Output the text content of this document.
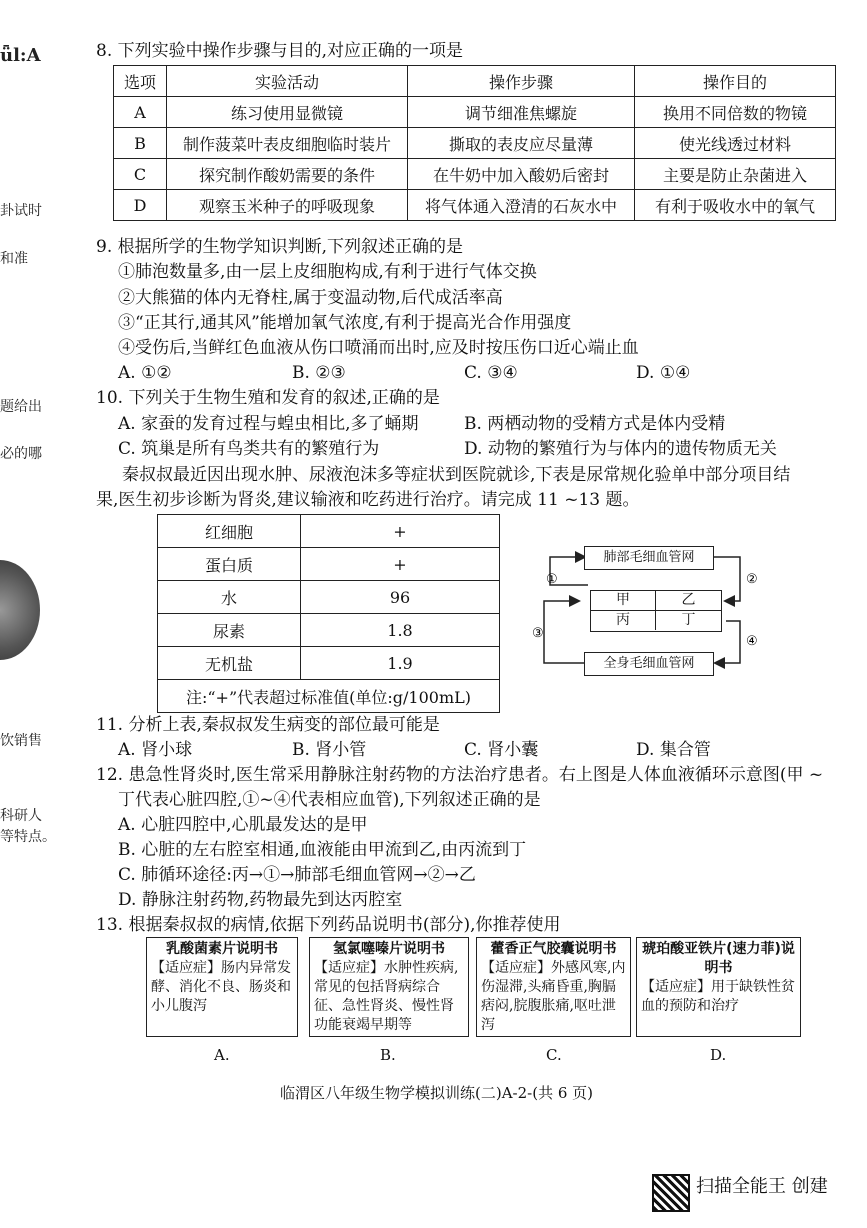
ǖl:A
卦试时
和准
题给出
必的哪
饮销售
科研人
等特点。
8. 下列实验中操作步骤与目的,对应正确的一项是
选项	实验活动	操作步骤	操作目的
A	练习使用显微镜	调节细准焦螺旋	换用不同倍数的物镜
B	制作菠菜叶表皮细胞临时装片	撕取的表皮应尽量薄	使光线透过材料
C	探究制作酸奶需要的条件	在牛奶中加入酸奶后密封	主要是防止杂菌进入
D	观察玉米种子的呼吸现象	将气体通入澄清的石灰水中	有利于吸收水中的氧气
9. 根据所学的生物学知识判断,下列叙述正确的是
①肺泡数量多,由一层上皮细胞构成,有利于进行气体交换
②大熊猫的体内无脊柱,属于变温动物,后代成活率高
③“正其行,通其风”能增加氧气浓度,有利于提高光合作用强度
④受伤后,当鲜红色血液从伤口喷涌而出时,应及时按压伤口近心端止血
A. ①②	B. ②③	C. ③④	D. ①④
10. 下列关于生物生殖和发育的叙述,正确的是
A. 家蚕的发育过程与蝗虫相比,多了蛹期	B. 两栖动物的受精方式是体内受精
C. 筑巢是所有鸟类共有的繁殖行为	D. 动物的繁殖行为与体内的遗传物质无关
秦叔叔最近因出现水肿、尿液泡沫多等症状到医院就诊,下表是尿常规化验单中部分项目结
果,医生初步诊断为肾炎,建议输液和吃药进行治疗。请完成 11 ~13 题。
红细胞	+
蛋白质	+
水	96
尿素	1.8
无机盐	1.9
注:“+”代表超过标准值(单位:g/100mL)	
①	②
③
④
肺部毛细血管网
全身毛细血管网
甲	乙
丙	丁
11. 分析上表,秦叔叔发生病变的部位最可能是
A. 肾小球	B. 肾小管	C. 肾小囊	D. 集合管
12. 患急性肾炎时,医生常采用静脉注射药物的方法治疗患者。右上图是人体血液循环示意图(甲 ~
丁代表心脏四腔,①~④代表相应血管),下列叙述正确的是
A. 心脏四腔中,心肌最发达的是甲
B. 心脏的左右腔室相通,血液能由甲流到乙,由丙流到丁
C. 肺循环途径:丙→①→肺部毛细血管网→②→乙
D. 静脉注射药物,药物最先到达丙腔室
13. 根据秦叔叔的病情,依据下列药品说明书(部分),你推荐使用
乳酸菌素片说明书
【适应症】肠内异常发酵、消化不良、肠炎和小儿腹泻
氢氯噻嗪片说明书
【适应症】水肿性疾病,常见的包括肾病综合征、急性肾炎、慢性肾功能衰竭早期等
藿香正气胶囊说明书
【适应症】外感风寒,内伤湿滞,头痛昏重,胸膈痞闷,脘腹胀痛,呕吐泄泻
琥珀酸亚铁片(速力菲)说明书
【适应症】用于缺铁性贫血的预防和治疗
A.	B.	C.	D.
临渭区八年级生物学模拟训练(二)A-2-(共 6 页)
扫描全能王 创建
